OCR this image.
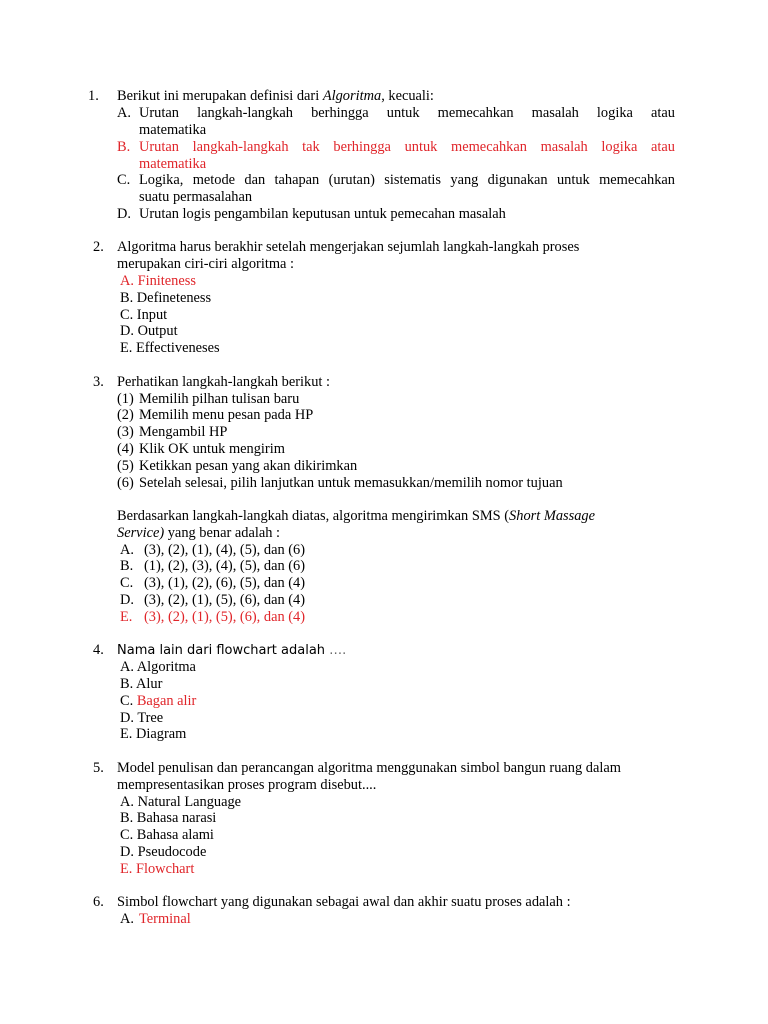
1. Berikut ini merupakan definisi dari Algoritma, kecuali:
A. Urutan langkah-langkah berhingga untuk memecahkan masalah logika atau
matematika
B. Urutan langkah-langkah tak berhingga untuk memecahkan masalah logika atau
matematika
C. Logika, metode dan tahapan (urutan) sistematis yang digunakan untuk memecahkan
suatu permasalahan
D. Urutan logis pengambilan keputusan untuk pemecahan masalah
2. Algoritma harus berakhir setelah mengerjakan sejumlah langkah-langkah proses
merupakan ciri-ciri algoritma :
A. Finiteness
B. Defineteness
C. Input
D. Output
E. Effectiveneses
3. Perhatikan langkah-langkah berikut :
(1) Memilih pilhan tulisan baru
(2) Memilih menu pesan pada HP
(3) Mengambil HP
(4) Klik OK untuk mengirim
(5) Ketikkan pesan yang akan dikirimkan
(6) Setelah selesai, pilih lanjutkan untuk memasukkan/memilih nomor tujuan
Berdasarkan langkah-langkah diatas, algoritma mengirimkan SMS (Short Massage
Service) yang benar adalah :
A. (3), (2), (1), (4), (5), dan (6)
B. (1), (2), (3), (4), (5), dan (6)
C. (3), (1), (2), (6), (5), dan (4)
D. (3), (2), (1), (5), (6), dan (4)
E. (3), (2), (1), (5), (6), dan (4)
4. Nama lain dari flowchart adalah ….
A. Algoritma
B. Alur
C. Bagan alir
D. Tree
E. Diagram
5. Model penulisan dan perancangan algoritma menggunakan simbol bangun ruang dalam
mempresentasikan proses program disebut....
A. Natural Language
B. Bahasa narasi
C. Bahasa alami
D. Pseudocode
E. Flowchart
6. Simbol flowchart yang digunakan sebagai awal dan akhir suatu proses adalah :
A. Terminal
